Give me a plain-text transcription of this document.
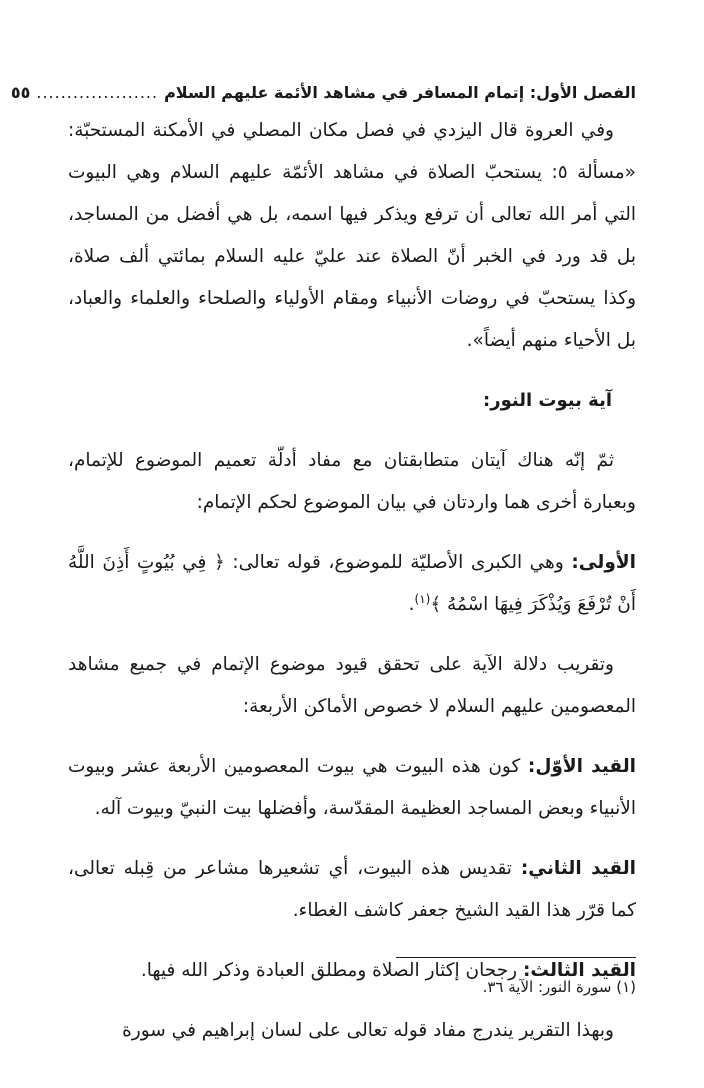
الفصل الأول: إتمام المسافر في مشاهد الأئمة عليهم السلام
....................
٥٥

وفي العروة قال اليزدي في فصل مكان المصلي في الأمكنة المستحبّة: «مسألة ٥: يستحبّ الصلاة في مشاهد الأئمّة عليهم السلام وهي البيوت التي أمر الله تعالى أن ترفع ويذكر فيها اسمه، بل هي أفضل من المساجد، بل قد ورد في الخبر أنّ الصلاة عند عليّ عليه السلام بمائتي ألف صلاة، وكذا يستحبّ في روضات الأنبياء ومقام الأولياء والصلحاء والعلماء والعباد، بل الأحياء منهم أيضاً».

آية بيوت النور:

ثمّ إنّه هناك آيتان متطابقتان مع مفاد أدلّة تعميم الموضوع للإتمام، وبعبارة أخرى هما واردتان في بيان الموضوع لحكم الإتمام:

الأولى: وهي الكبرى الأصليّة للموضوع، قوله تعالى: ﴿ فِي بُيُوتٍ أَذِنَ اللَّهُ أَنْ تُرْفَعَ وَيُذْكَرَ فِيهَا اسْمُهُ ﴾$^{(١)}$.

وتقريب دلالة الآية على تحقق قيود موضوع الإتمام في جميع مشاهد المعصومين عليهم السلام لا خصوص الأماكن الأربعة:

القيد الأوّل: كون هذه البيوت هي بيوت المعصومين الأربعة عشر وبيوت الأنبياء وبعض المساجد العظيمة المقدّسة، وأفضلها بيت النبيّ وبيوت آله.

القيد الثاني: تقديس هذه البيوت، أي تشعيرها مشاعر من قِبله تعالى، كما قرّر هذا القيد الشيخ جعفر كاشف الغطاء.

القيد الثالث: رجحان إكثار الصلاة ومطلق العبادة وذكر الله فيها.

وبهذا التقرير يندرج مفاد قوله تعالى على لسان إبراهيم في سورة

(١) سورة النور: الآية ٣٦.
